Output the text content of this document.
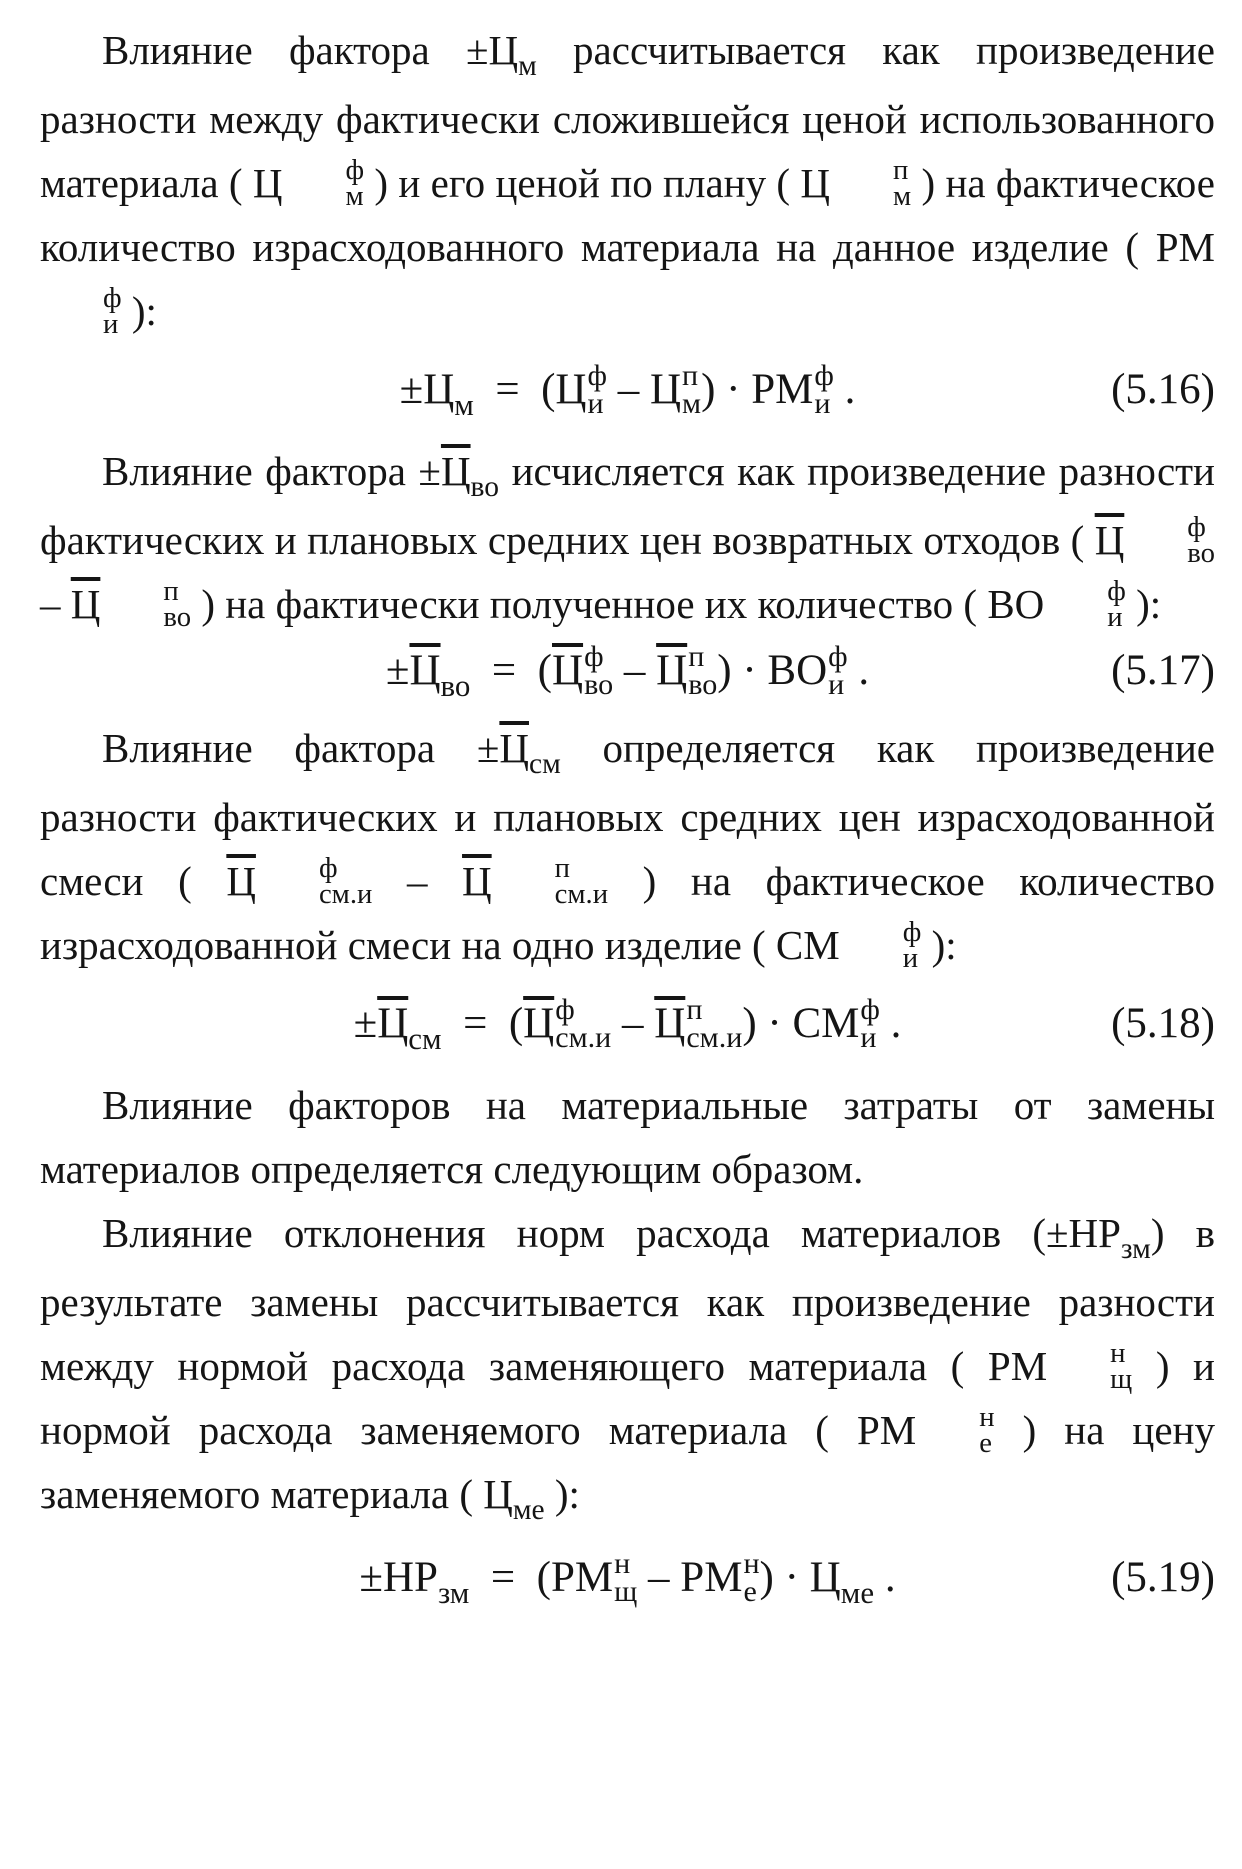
Влияние фактора $\pm Ц_м$ рассчитывается как произведение разности между фактически сложившейся ценой использованного материала ( Ц	ф
м ) и его ценой по плану ( Ц	п
м ) на фактическое количество израсходованного материала на данное изделие ( РМ
ф
и ):

$\pm Ц_м = (Ц$ ф
и – Ц п
м ) · РМ ф
и .	(5.16)

Влияние фактора $\pm Ц_{во}$ исчисляется как произведение разности фактических и плановых средних цен возвратных отходов ( Ц	ф
во
– Ц	п
во ) на фактически полученное их количество ( ВО	ф
и ):

$\pm Ц_{во} = (Ц$ ф
во – Ц п
во ) · ВО ф
и .	(5.17)

Влияние фактора $\pm Ц_{см}$ определяется как произведение разности фактических и плановых средних цен израсходованной смеси ( Ц	ф
см.и – Ц	п
см.и ) на фактическое количество израсходованной смеси на одно изделие ( СМ	ф
и ):

$\pm Ц_{см} = (Ц$ ф
см.и – Ц п
см.и ) · СМ ф
и .	(5.18)

Влияние факторов на материальные затраты от замены материалов определяется следующим образом.

Влияние отклонения норм расхода материалов $(\pm НР_{зм})$ в результате замены рассчитывается как произведение разности между нормой расхода заменяющего материала ( РМ	н
щ ) и нормой расхода заменяемого материала ( РМ	н
е ) на цену заменяемого материала ( $Ц_{ме}$ ):

$\pm НР_{зм} = (РМ$ н
щ – РМ н
е ) · $Ц_{ме}$ .	(5.19)
